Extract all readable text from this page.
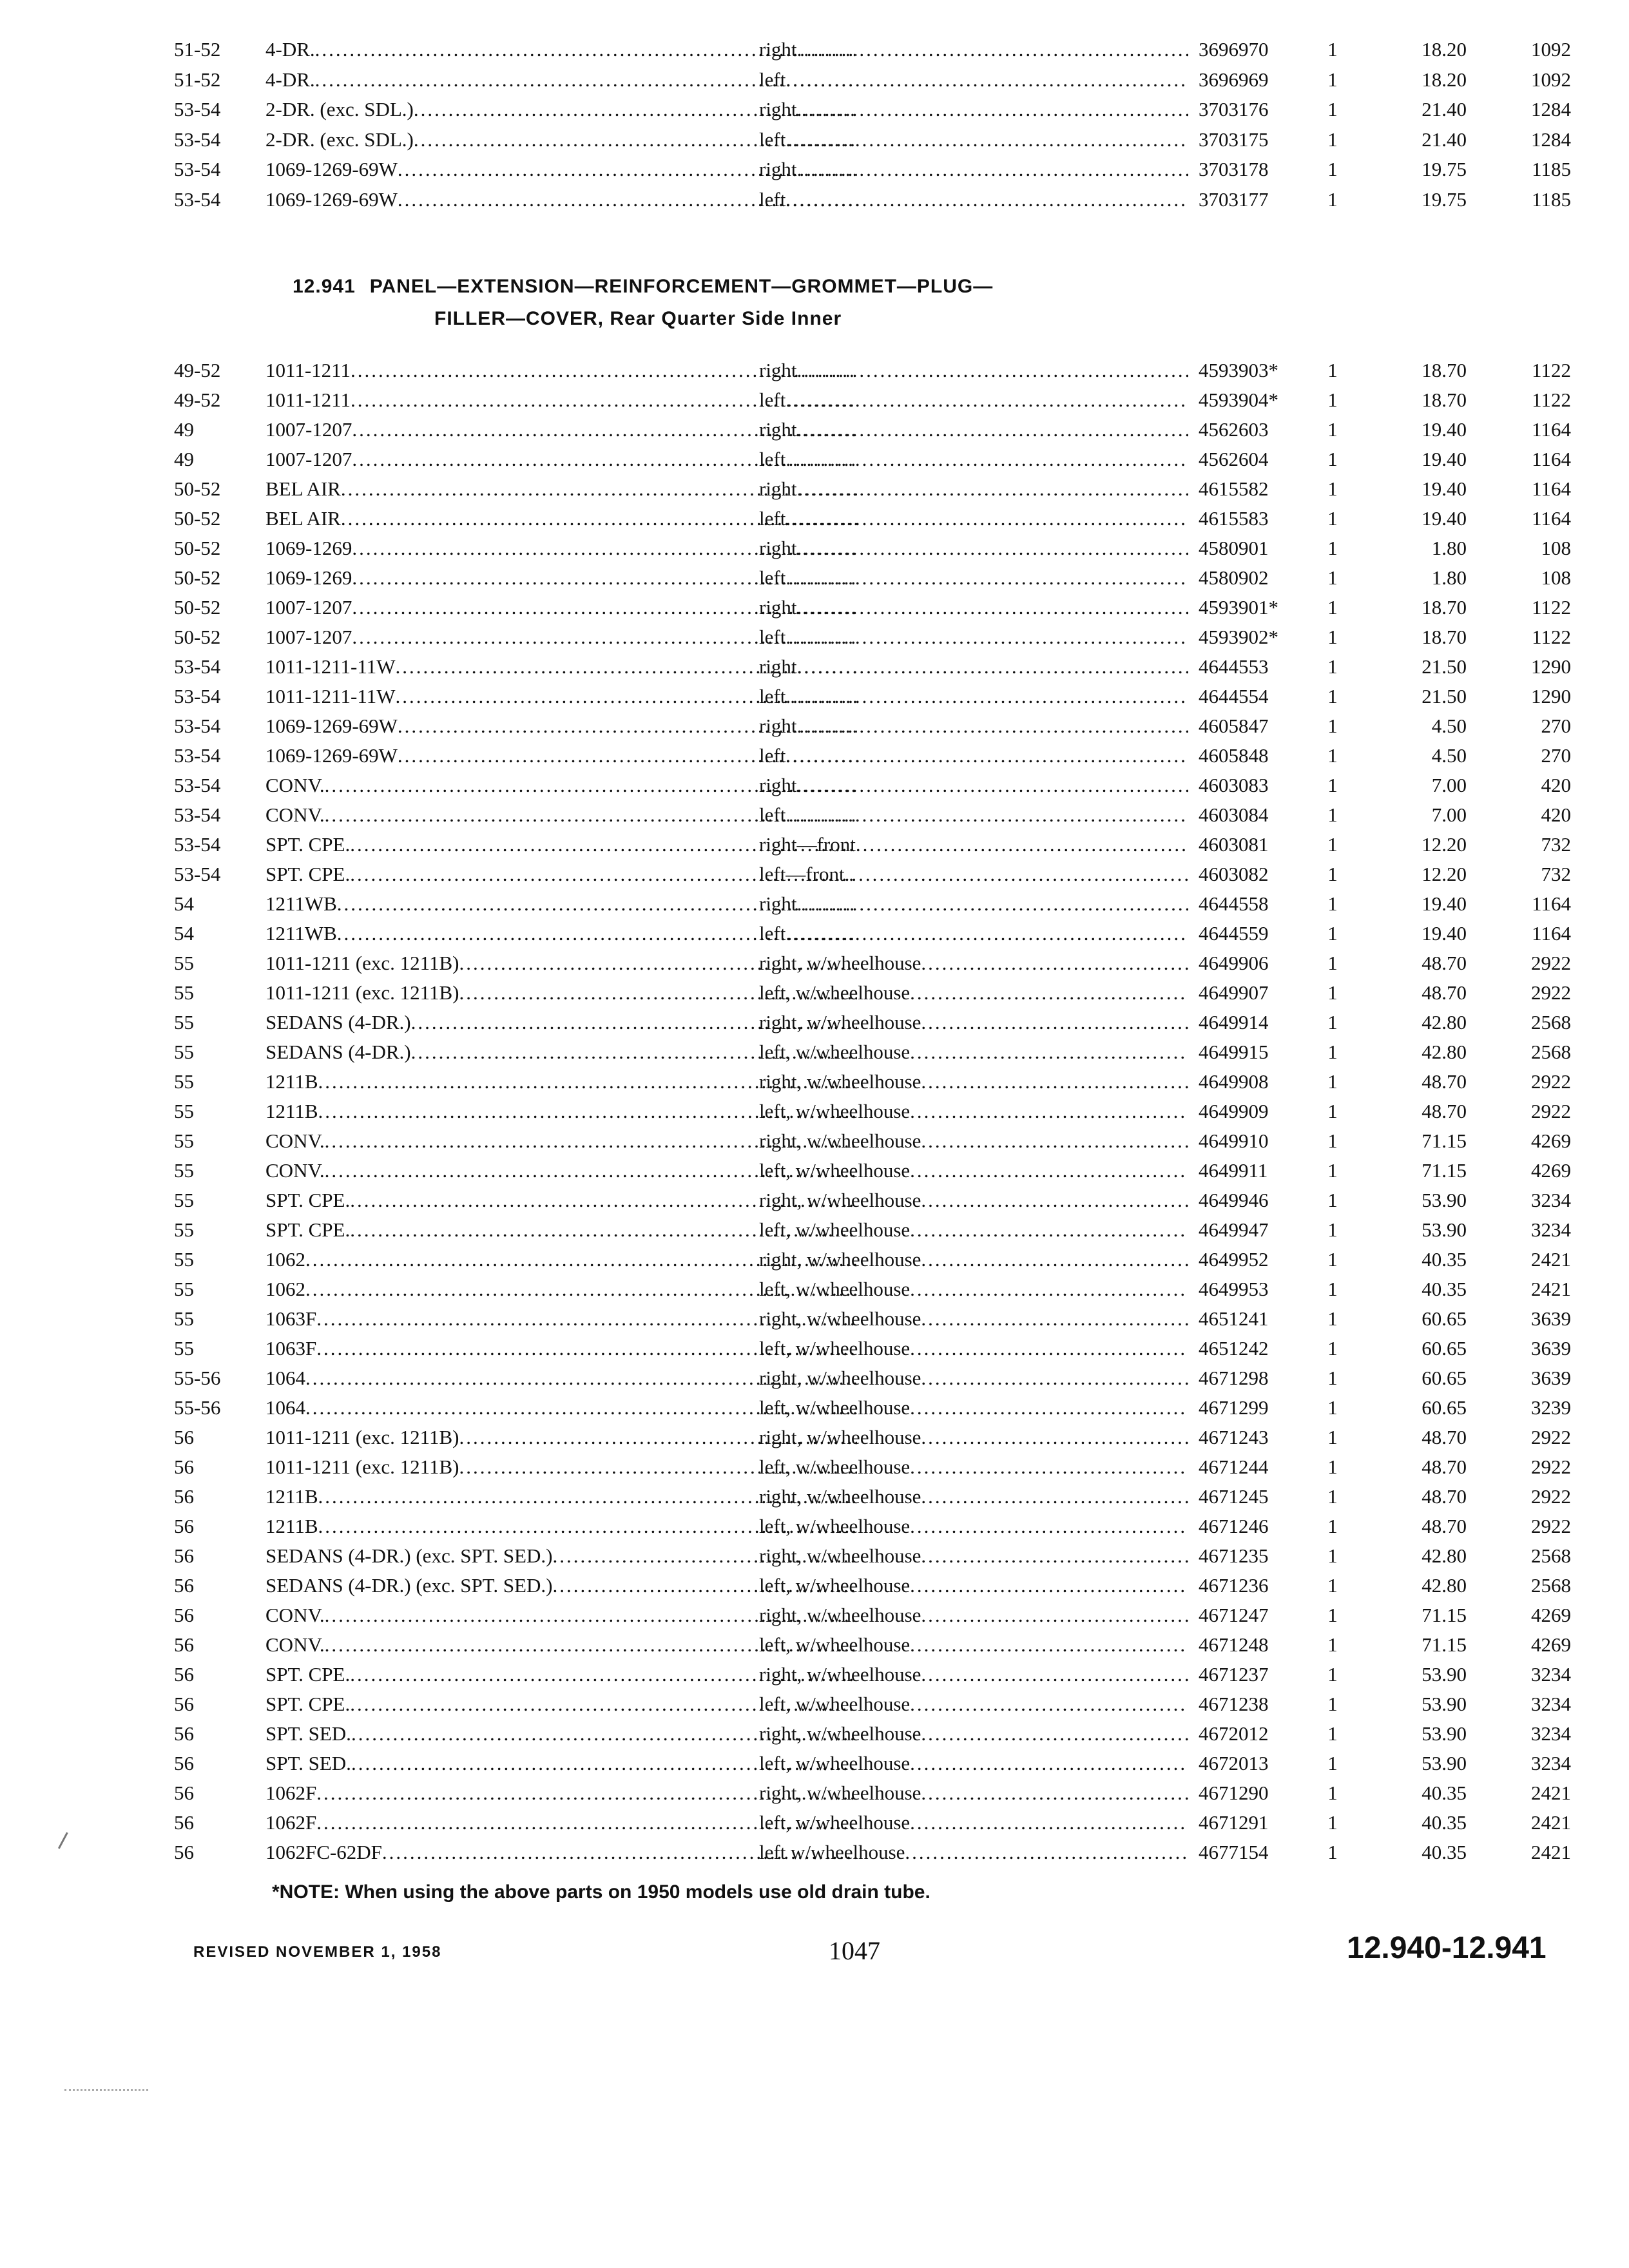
51-52	4-DR. .....	right .....	3696970	1	18.20	1092
51-52	4-DR. .....	left .....	3696969	1	18.20	1092
53-54	2-DR. (exc. SDL.) .....	right .....	3703176	1	21.40	1284
53-54	2-DR. (exc. SDL.) .....	left .....	3703175	1	21.40	1284
53-54	1069-1269-69W .....	right .....	3703178	1	19.75	1185
53-54	1069-1269-69W .....	left .....	3703177	1	19.75	1185
12.941 PANEL—EXTENSION—REINFORCEMENT—GROMMET—PLUG—
FILLER—COVER, Rear Quarter Side Inner
49-52	1011-1211 .....	right .....	4593903*	1	18.70	1122
49-52	1011-1211 .....	left .....	4593904*	1	18.70	1122
49	1007-1207 .....	right .....	4562603	1	19.40	1164
49	1007-1207 .....	left .....	4562604	1	19.40	1164
50-52	BEL AIR .....	right .....	4615582	1	19.40	1164
50-52	BEL AIR .....	left .....	4615583	1	19.40	1164
50-52	1069-1269 .....	right .....	4580901	1	1.80	108
50-52	1069-1269 .....	left .....	4580902	1	1.80	108
50-52	1007-1207 .....	right .....	4593901*	1	18.70	1122
50-52	1007-1207 .....	left .....	4593902*	1	18.70	1122
53-54	1011-1211-11W .....	right .....	4644553	1	21.50	1290
53-54	1011-1211-11W .....	left .....	4644554	1	21.50	1290
53-54	1069-1269-69W .....	right .....	4605847	1	4.50	270
53-54	1069-1269-69W .....	left .....	4605848	1	4.50	270
53-54	CONV. .....	right .....	4603083	1	7.00	420
53-54	CONV. .....	left .....	4603084	1	7.00	420
53-54	SPT. CPE. .....	right—front .....	4603081	1	12.20	732
53-54	SPT. CPE. .....	left—front .....	4603082	1	12.20	732
54	1211WB .....	right .....	4644558	1	19.40	1164
54	1211WB .....	left .....	4644559	1	19.40	1164
55	1011-1211 (exc. 1211B) .....	right, w/wheelhouse .....	4649906	1	48.70	2922
55	1011-1211 (exc. 1211B) .....	left, w/wheelhouse .....	4649907	1	48.70	2922
55	SEDANS (4-DR.) .....	right, w/wheelhouse .....	4649914	1	42.80	2568
55	SEDANS (4-DR.) .....	left, w/wheelhouse .....	4649915	1	42.80	2568
55	1211B .....	right, w/wheelhouse .....	4649908	1	48.70	2922
55	1211B .....	left, w/wheelhouse .....	4649909	1	48.70	2922
55	CONV. .....	right, w/wheelhouse .....	4649910	1	71.15	4269
55	CONV. .....	left, w/wheelhouse .....	4649911	1	71.15	4269
55	SPT. CPE. .....	right, w/wheelhouse .....	4649946	1	53.90	3234
55	SPT. CPE. .....	left, w/wheelhouse .....	4649947	1	53.90	3234
55	1062 .....	right, w/wheelhouse .....	4649952	1	40.35	2421
55	1062 .....	left, w/wheelhouse .....	4649953	1	40.35	2421
55	1063F .....	right, w/wheelhouse .....	4651241	1	60.65	3639
55	1063F .....	left, w/wheelhouse .....	4651242	1	60.65	3639
55-56	1064 .....	right, w/wheelhouse .....	4671298	1	60.65	3639
55-56	1064 .....	left, w/wheelhouse .....	4671299	1	60.65	3239
56	1011-1211 (exc. 1211B) .....	right, w/wheelhouse .....	4671243	1	48.70	2922
56	1011-1211 (exc. 1211B) .....	left, w/wheelhouse .....	4671244	1	48.70	2922
56	1211B .....	right, w/wheelhouse .....	4671245	1	48.70	2922
56	1211B .....	left, w/wheelhouse .....	4671246	1	48.70	2922
56	SEDANS (4-DR.) (exc. SPT. SED.) .....	right, w/wheelhouse .....	4671235	1	42.80	2568
56	SEDANS (4-DR.) (exc. SPT. SED.) .....	left, w/wheelhouse .....	4671236	1	42.80	2568
56	CONV. .....	right, w/wheelhouse .....	4671247	1	71.15	4269
56	CONV. .....	left, w/wheelhouse .....	4671248	1	71.15	4269
56	SPT. CPE. .....	right, w/wheelhouse .....	4671237	1	53.90	3234
56	SPT. CPE. .....	left, w/wheelhouse .....	4671238	1	53.90	3234
56	SPT. SED. .....	right, w/wheelhouse .....	4672012	1	53.90	3234
56	SPT. SED. .....	left, w/wheelhouse .....	4672013	1	53.90	3234
56	1062F .....	right, w/wheelhouse .....	4671290	1	40.35	2421
56	1062F .....	left, w/wheelhouse .....	4671291	1	40.35	2421
56	1062FC-62DF .....	left w/wheelhouse .....	4677154	1	40.35	2421
*NOTE: When using the above parts on 1950 models use old drain tube.
REVISED NOVEMBER 1, 1958	1047	12.940-12.941
